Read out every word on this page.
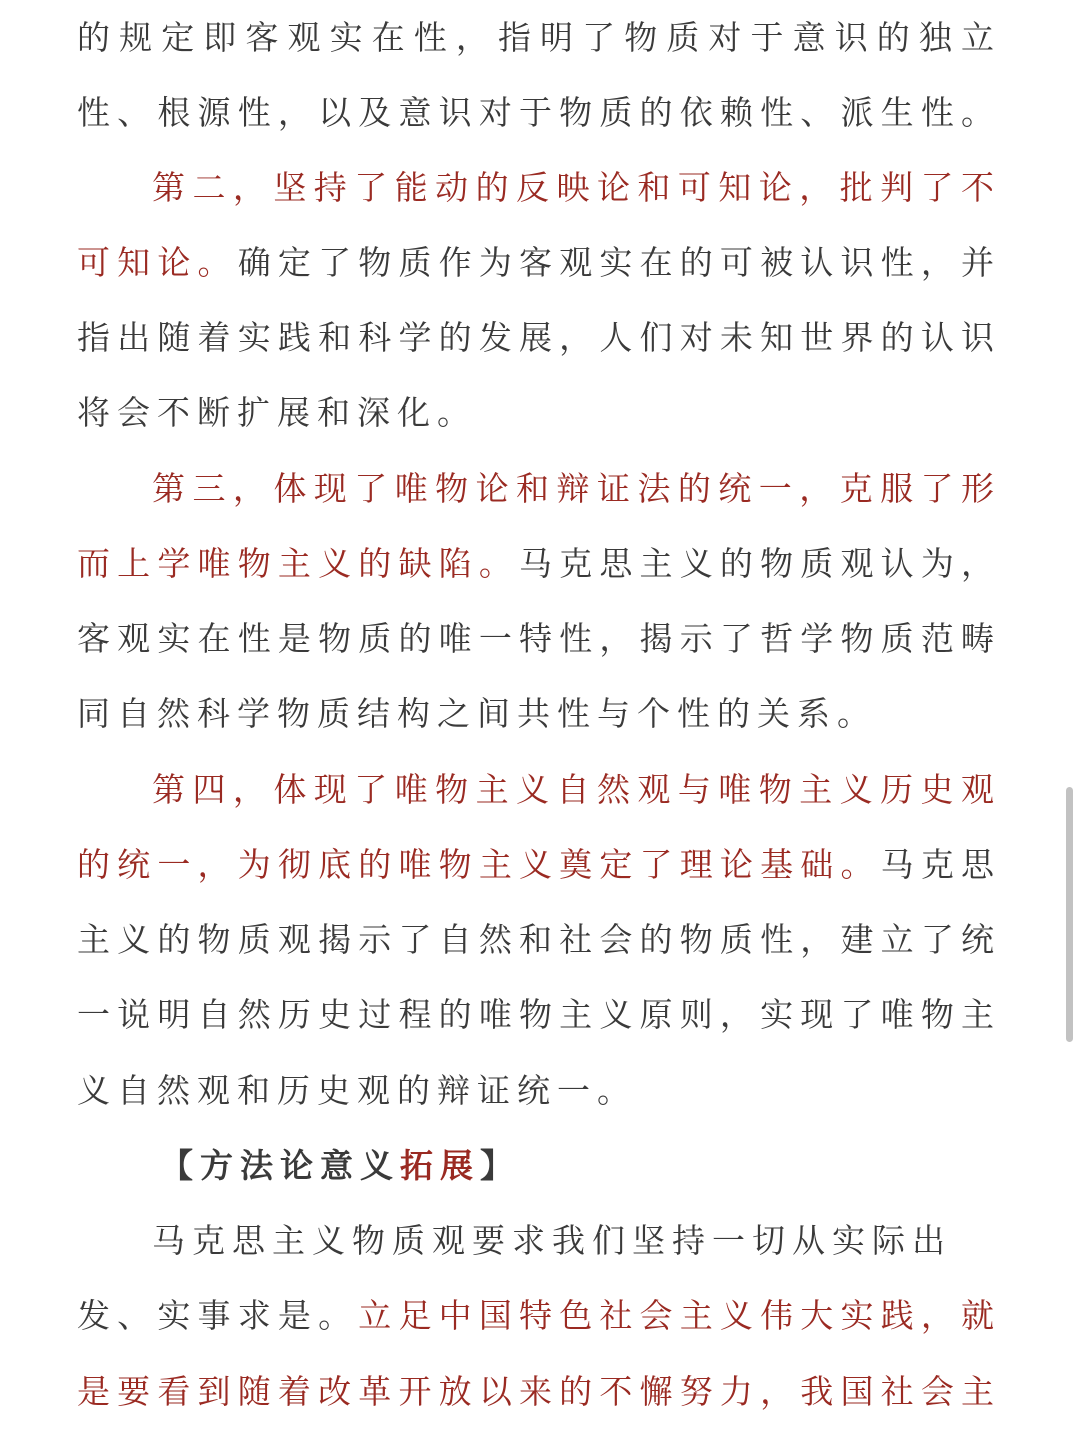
的规定即客观实在性，指明了物质对于意识的独立
性、根源性，以及意识对于物质的依赖性、派生性。
第二，坚持了能动的反映论和可知论，批判了不
可知论。确定了物质作为客观实在的可被认识性，并
指出随着实践和科学的发展，人们对未知世界的认识
将会不断扩展和深化。
第三，体现了唯物论和辩证法的统一，克服了形
而上学唯物主义的缺陷。马克思主义的物质观认为，
客观实在性是物质的唯一特性，揭示了哲学物质范畴
同自然科学物质结构之间共性与个性的关系。
第四，体现了唯物主义自然观与唯物主义历史观
的统一，为彻底的唯物主义奠定了理论基础。马克思
主义的物质观揭示了自然和社会的物质性，建立了统
一说明自然历史过程的唯物主义原则，实现了唯物主
义自然观和历史观的辩证统一。
【方法论意义拓展】
马克思主义物质观要求我们坚持一切从实际出
发、实事求是。立足中国特色社会主义伟大实践，就
是要看到随着改革开放以来的不懈努力，我国社会主
